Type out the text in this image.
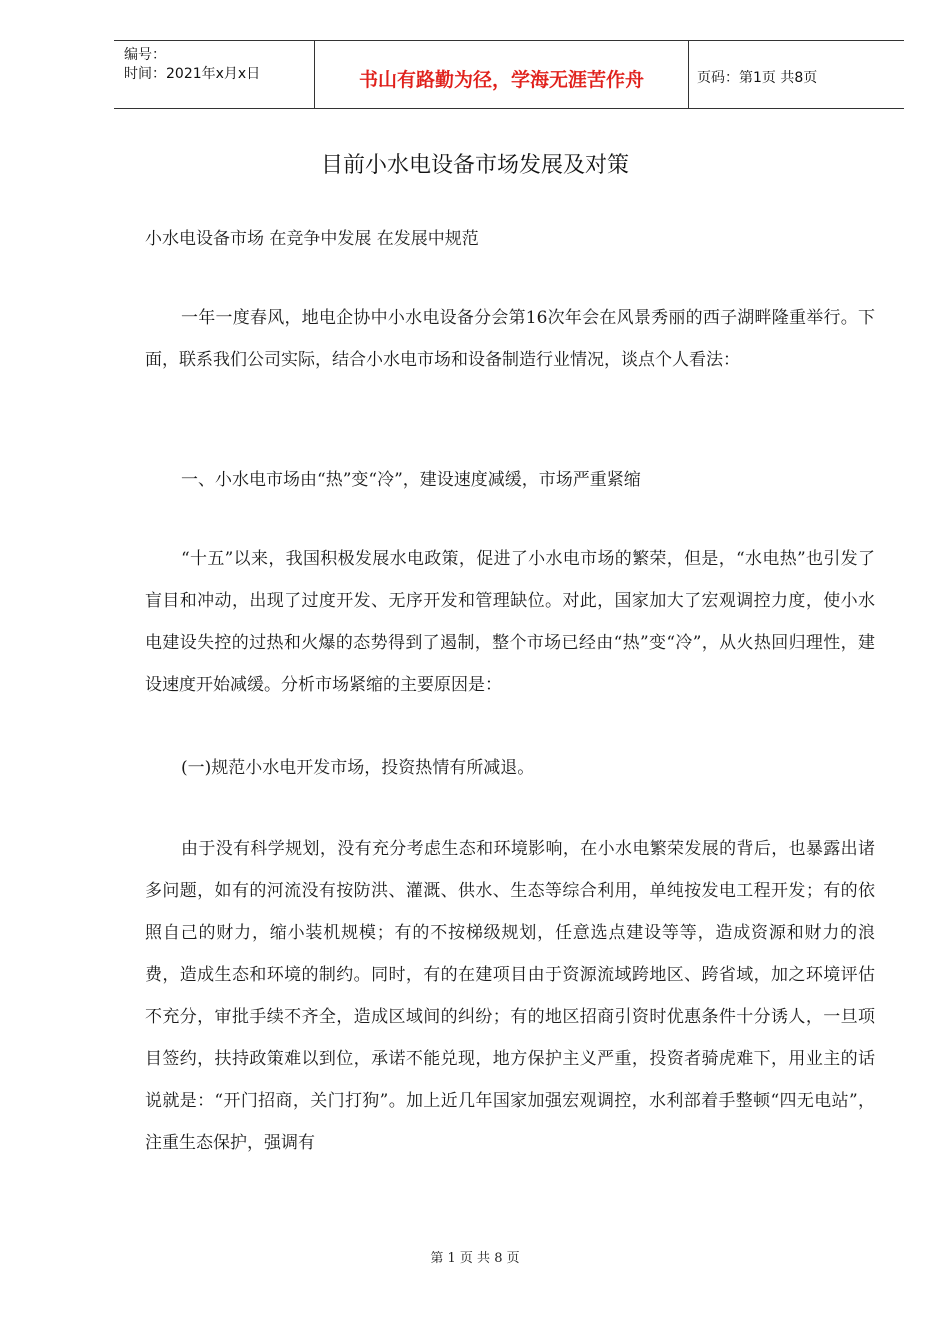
编号：
时间：2021年x月x日	书山有路勤为径，学海无涯苦作舟	页码：第1页 共8页
目前小水电设备市场发展及对策
小水电设备市场 在竞争中发展 在发展中规范
一年一度春风，地电企协中小水电设备分会第16次年会在风景秀丽的西子湖畔隆重举行。下面，联系我们公司实际，结合小水电市场和设备制造行业情况，谈点个人看法：
一、小水电市场由“热”变“冷”，建设速度减缓，市场严重紧缩
“十五”以来，我国积极发展水电政策，促进了小水电市场的繁荣，但是，“水电热”也引发了盲目和冲动，出现了过度开发、无序开发和管理缺位。对此，国家加大了宏观调控力度，使小水电建设失控的过热和火爆的态势得到了遏制，整个市场已经由“热”变“冷”，从火热回归理性，建设速度开始减缓。分析市场紧缩的主要原因是：
(一)规范小水电开发市场，投资热情有所减退。
由于没有科学规划，没有充分考虑生态和环境影响，在小水电繁荣发展的背后，也暴露出诸多问题，如有的河流没有按防洪、灌溉、供水、生态等综合利用，单纯按发电工程开发；有的依照自己的财力，缩小装机规模；有的不按梯级规划，任意选点建设等等，造成资源和财力的浪费，造成生态和环境的制约。同时，有的在建项目由于资源流域跨地区、跨省域，加之环境评估不充分，审批手续不齐全，造成区域间的纠纷；有的地区招商引资时优惠条件十分诱人，一旦项目签约，扶持政策难以到位，承诺不能兑现，地方保护主义严重，投资者骑虎难下，用业主的话说就是：“开门招商，关门打狗”。加上近几年国家加强宏观调控，水利部着手整顿“四无电站”，注重生态保护，强调有
第 1 页 共 8 页
